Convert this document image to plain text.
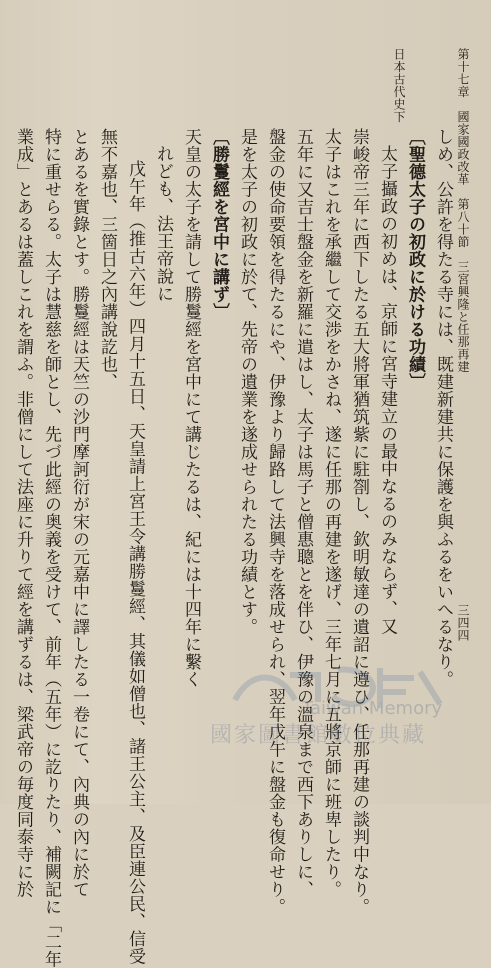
日本古代史下	第十七章　國家國政改革　第八十節　三宮興隆と任那再建
三四四
しめ、公許を得たる寺には、既建新建共に保護を與ふるをいへるなり。
〔聖德太子の初政に於ける功績〕
太子攝政の初めは、京師に宮寺建立の最中なるのみならず、又
崇峻帝三年に西下したる五大將軍猶筑紫に駐劄し、欽明敏達の遺詔に遵ひ、任那再建の談判中なり。
太子はこれを承繼して交渉をかさね、遂に任那の再建を遂げ、三年七月に五將京師に班卑したり。
五年に又吉士盤金を新羅に遣はし、太子は馬子と僧惠聰とを伴ひ、伊豫の溫泉まで西下ありしに、
盤金の使命要領を得たるにや、伊豫より歸路して法興寺を落成せられ、翌年戊午に盤金も復命せり。
是を太子の初政に於て、先帝の遺業を遂成せられたる功績とす。
〔勝鬘經を宮中に講ず〕
天皇の太子を請して勝鬘經を宮中にて講じたるは、紀には十四年に繫く
れども、法王帝說に
戊午年（推古六年）四月十五日、天皇請上宮王令講勝鬘經、其儀如僧也、諸王公主、及臣連公民、信受
無不嘉也、三箇日之內講說訖也、
とあるを實錄とす。勝鬘經は天竺の沙門摩訶衍が宋の元嘉中に譯したる一卷にて、內典の內に於て
特に重せらる。太子は慧慈を師とし、先づ此經の奥義を受けて、前年（五年）に訖りたり、補闕記に「二年
業成」とあるは蓋しこれを謂ふ。非僧にして法座に升りて經を講ずるは、梁武帝の毎度同泰寺に於	Taiwan Memory
國家圖書館數位典藏
